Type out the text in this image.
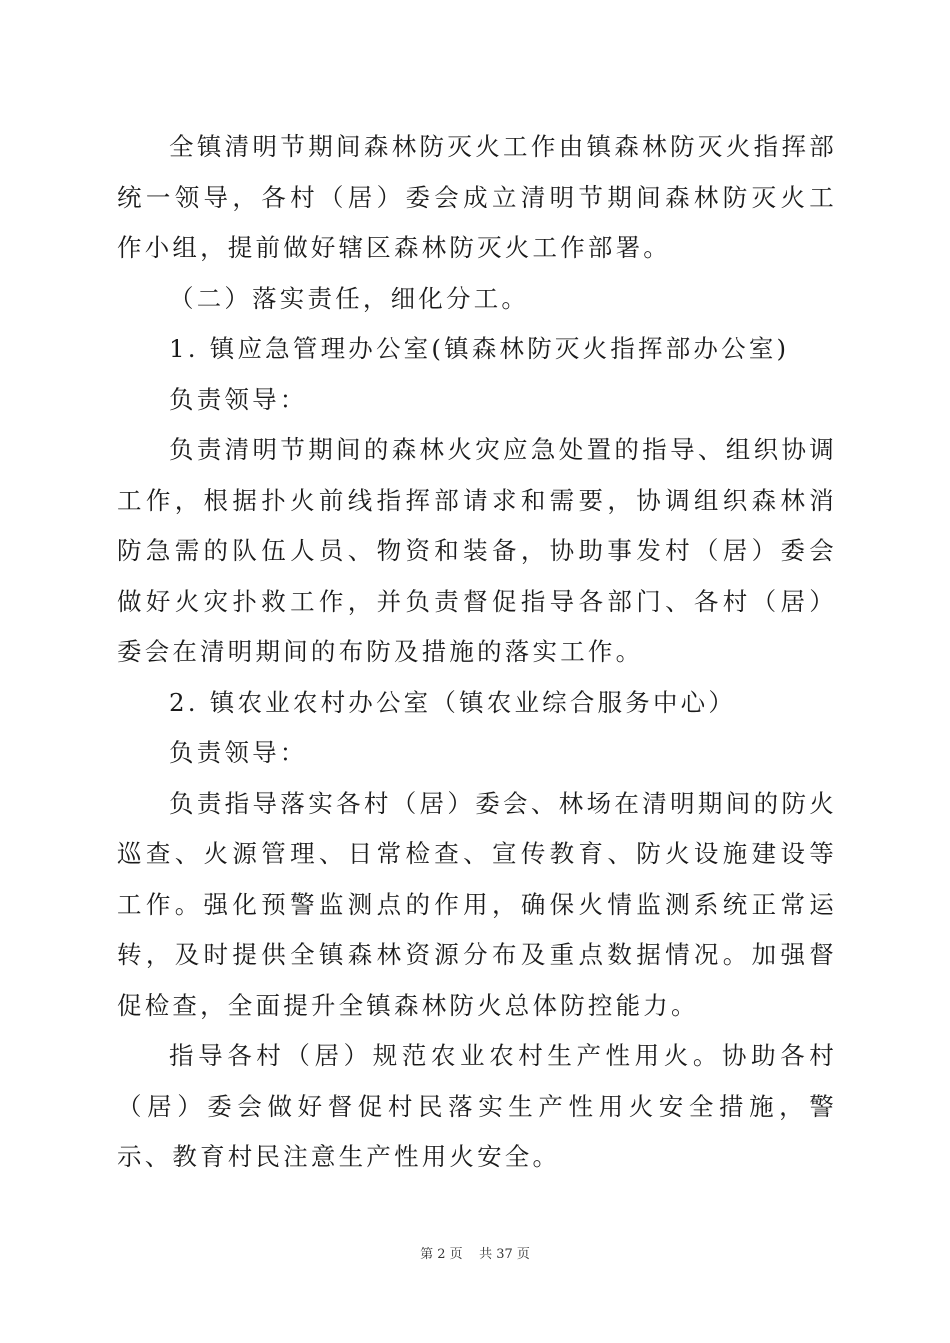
全镇清明节期间森林防灭火工作由镇森林防灭火指挥部统一领导，各村（居）委会成立清明节期间森林防灭火工作小组，提前做好辖区森林防灭火工作部署。

（二）落实责任，细化分工。

1. 镇应急管理办公室(镇森林防灭火指挥部办公室)

负责领导：

负责清明节期间的森林火灾应急处置的指导、组织协调工作，根据扑火前线指挥部请求和需要，协调组织森林消防急需的队伍人员、物资和装备，协助事发村（居）委会做好火灾扑救工作，并负责督促指导各部门、各村（居）委会在清明期间的布防及措施的落实工作。

2. 镇农业农村办公室（镇农业综合服务中心）

负责领导：

负责指导落实各村（居）委会、林场在清明期间的防火巡查、火源管理、日常检查、宣传教育、防火设施建设等工作。强化预警监测点的作用，确保火情监测系统正常运转，及时提供全镇森林资源分布及重点数据情况。加强督促检查，全面提升全镇森林防火总体防控能力。

指导各村（居）规范农业农村生产性用火。协助各村（居）委会做好督促村民落实生产性用火安全措施，警示、教育村民注意生产性用火安全。

第 2 页    共 37 页
